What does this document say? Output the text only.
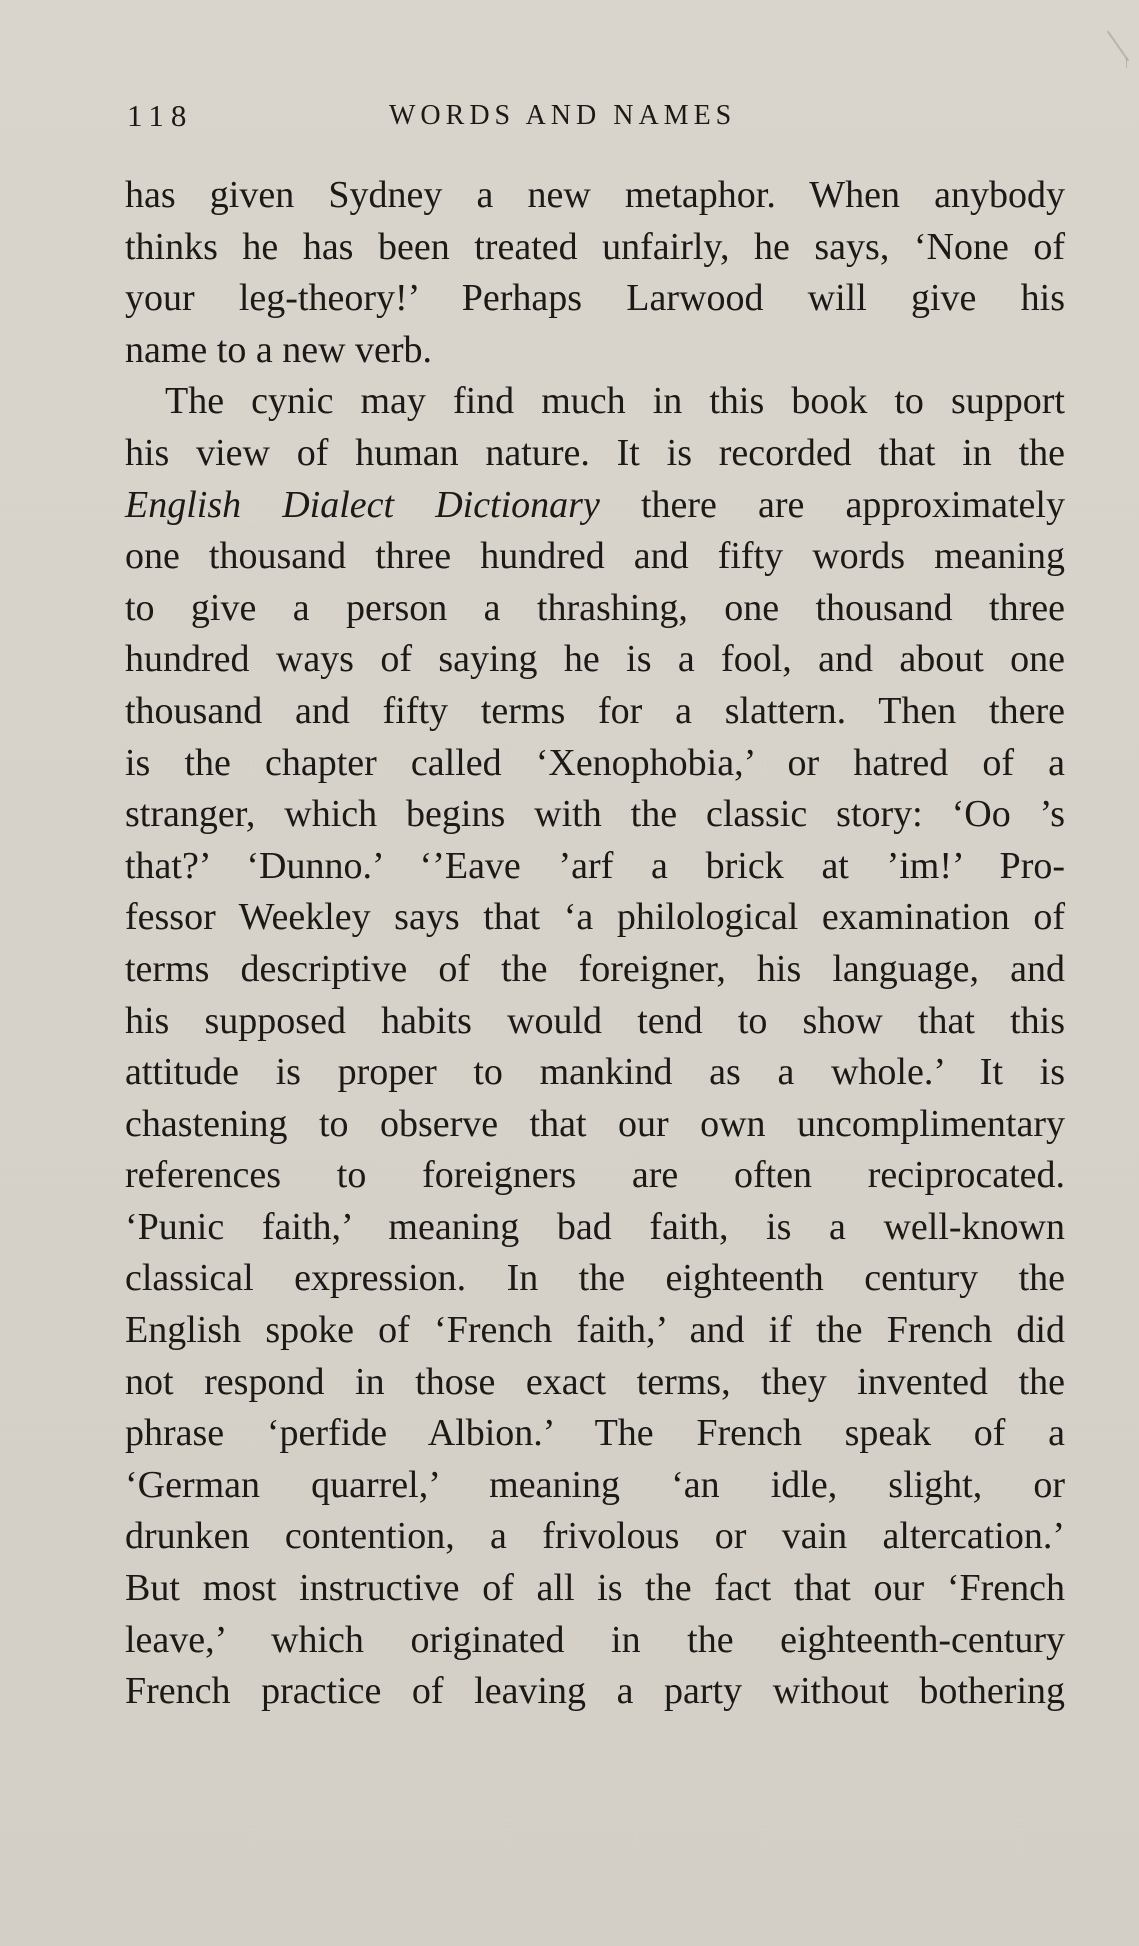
118	WORDS AND NAMES
has given Sydney a new metaphor. When anybody
thinks he has been treated unfairly, he says, ‘None of
your leg-theory!’ Perhaps Larwood will give his
name to a new verb.
The cynic may find much in this book to support
his view of human nature. It is recorded that in the
English Dialect Dictionary there are approximately
one thousand three hundred and fifty words meaning
to give a person a thrashing, one thousand three
hundred ways of saying he is a fool, and about one
thousand and fifty terms for a slattern. Then there
is the chapter called ‘Xenophobia,’ or hatred of a
stranger, which begins with the classic story: ‘Oo ’s
that?’ ‘Dunno.’ ‘’Eave ’arf a brick at ’im!’ Pro-
fessor Weekley says that ‘a philological examination of
terms descriptive of the foreigner, his language, and
his supposed habits would tend to show that this
attitude is proper to mankind as a whole.’ It is
chastening to observe that our own uncomplimentary
references to foreigners are often reciprocated.
‘Punic faith,’ meaning bad faith, is a well-known
classical expression. In the eighteenth century the
English spoke of ‘French faith,’ and if the French did
not respond in those exact terms, they invented the
phrase ‘perfide Albion.’ The French speak of a
‘German quarrel,’ meaning ‘an idle, slight, or
drunken contention, a frivolous or vain altercation.’
But most instructive of all is the fact that our ‘French
leave,’ which originated in the eighteenth-century
French practice of leaving a party without bothering
